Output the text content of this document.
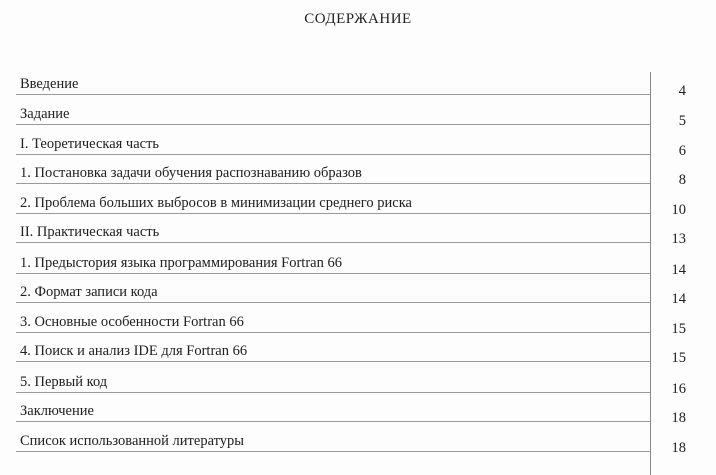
СОДЕРЖАНИЕ
Введение	4
Задание	5
I. Теоретическая часть	6
1. Постановка задачи обучения распознаванию образов	8
2. Проблема больших выбросов в минимизации среднего риска	10
II. Практическая часть	13
1. Предыстория языка программирования Fortran 66	14
2. Формат записи кода	14
3. Основные особенности Fortran 66	15
4. Поиск и анализ IDE для Fortran 66	15
5. Первый код	16
Заключение	18
Список использованной литературы	18
